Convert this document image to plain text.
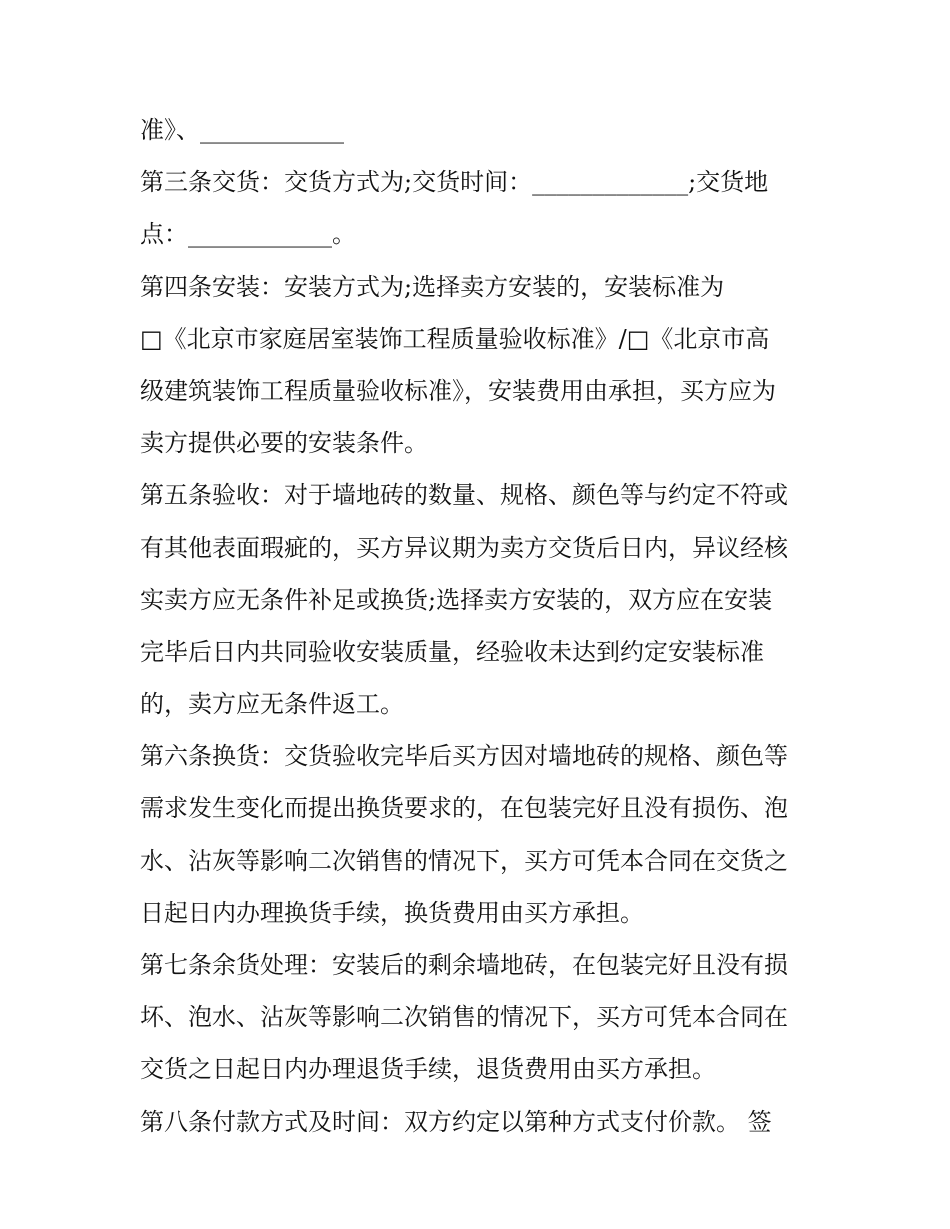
准》、____________
第三条交货：交货方式为;交货时间：_____________;交货地
点：____________。
第四条安装：安装方式为;选择卖方安装的，安装标准为
□《北京市家庭居室装饰工程质量验收标准》/□《北京市高
级建筑装饰工程质量验收标准》，安装费用由承担，买方应为
卖方提供必要的安装条件。
第五条验收：对于墙地砖的数量、规格、颜色等与约定不符或
有其他表面瑕疵的，买方异议期为卖方交货后日内，异议经核
实卖方应无条件补足或换货;选择卖方安装的，双方应在安装
完毕后日内共同验收安装质量，经验收未达到约定安装标准
的，卖方应无条件返工。
第六条换货：交货验收完毕后买方因对墙地砖的规格、颜色等
需求发生变化而提出换货要求的，在包装完好且没有损伤、泡
水、沾灰等影响二次销售的情况下，买方可凭本合同在交货之
日起日内办理换货手续，换货费用由买方承担。
第七条余货处理：安装后的剩余墙地砖，在包装完好且没有损
坏、泡水、沾灰等影响二次销售的情况下，买方可凭本合同在
交货之日起日内办理退货手续，退货费用由买方承担。
第八条付款方式及时间：双方约定以第种方式支付价款。 签
